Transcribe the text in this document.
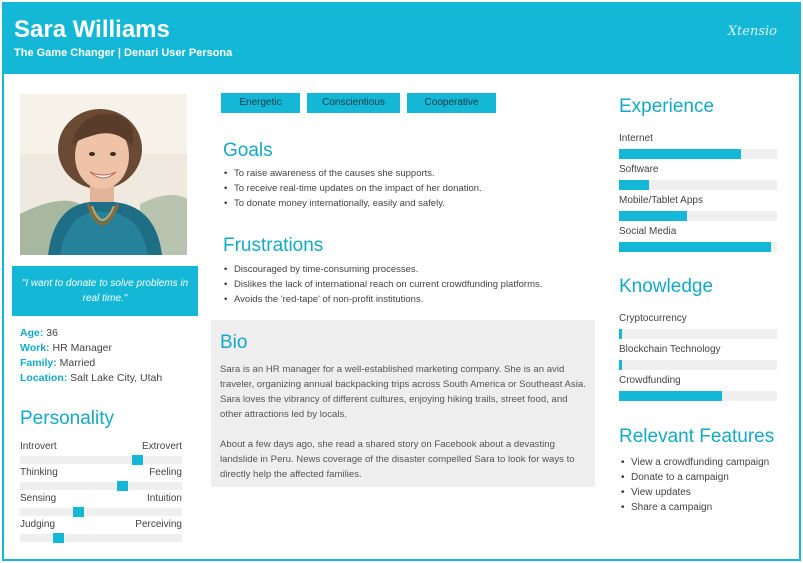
Sara Williams
The Game Changer | Denari User Persona
Xtensio
"I want to donate to solve problems in real time."
Age: 36
Work: HR Manager
Family: Married
Location: Salt Lake City, Utah
Personality
Introvert	Extrovert
Thinking	Feeling
Sensing	Intuition
Judging	Perceiving
Energetic	Conscientious	Cooperative
Goals
• To raise awareness of the causes she supports.
• To receive real-time updates on the impact of her donation.
• To donate money internationally, easily and safely.
Frustrations
• Discouraged by time-consuming processes.
• Dislikes the lack of international reach on current crowdfunding platforms.
• Avoids the 'red-tape' of non-profit institutions.
Bio

Sara is an HR manager for a well-established marketing company. She is an avid traveler, organizing annual backpacking trips across South America or Southeast Asia. Sara loves the vibrancy of different cultures, enjoying hiking trails, street food, and other attractions led by locals.

About a few days ago, she read a shared story on Facebook about a devasting landslide in Peru. News coverage of the disaster compelled Sara to look for ways to directly help the affected families.

Experience
Internet
Software
Mobile/Tablet Apps
Social Media
Knowledge
Cryptocurrency
Blockchain Technology
Crowdfunding
Relevant Features
• View a crowdfunding campaign
• Donate to a campaign
• View updates
• Share a campaign
